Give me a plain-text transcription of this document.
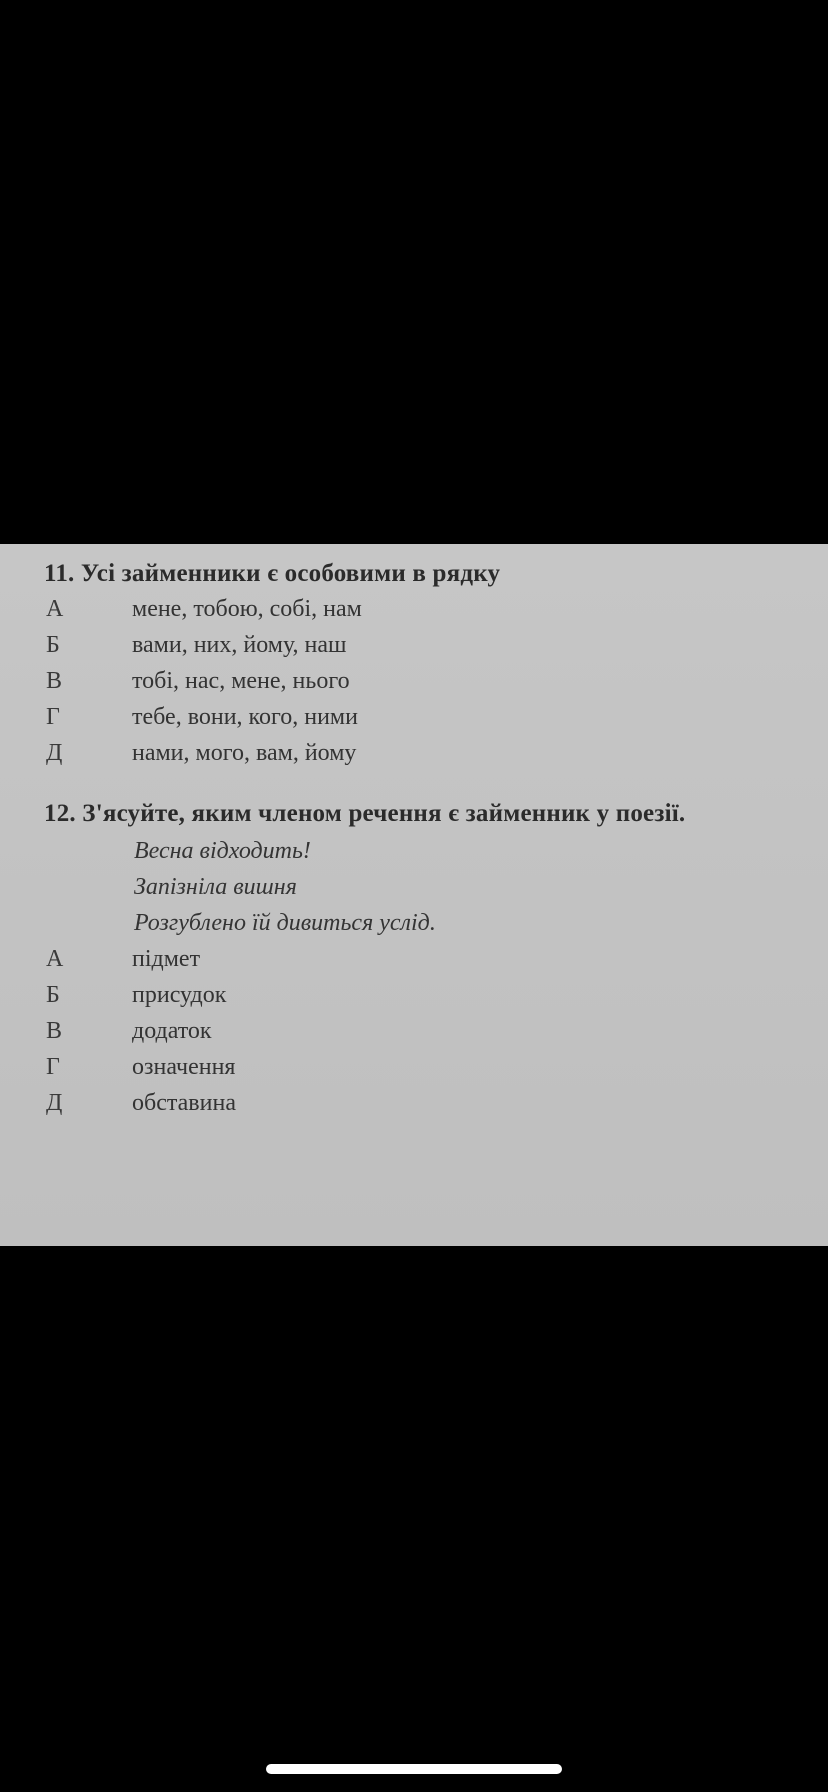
11. Усі займенники є особовими в рядку
А	мене, тобою, собі, нам
Б	вами, них, йому, наш
В	тобі, нас, мене, нього
Г	тебе, вони, кого, ними
Д	нами, мого, вам, йому
12. З'ясуйте, яким членом речення є займенник у поезії.
Весна відходить!
Запізніла вишня
Розгублено їй дивиться услід.
А	підмет
Б	присудок
В	додаток
Г	означення
Д	обставина
